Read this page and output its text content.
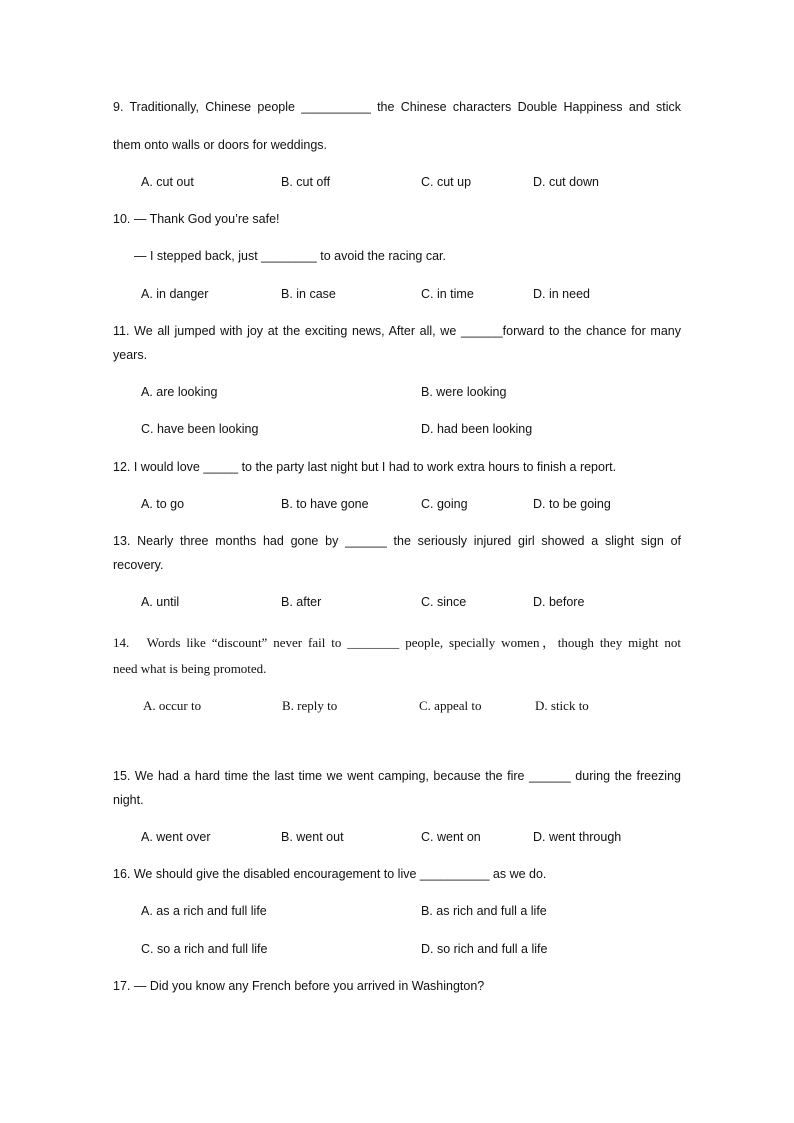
9. Traditionally, Chinese people __________ the Chinese characters Double Happiness and stick
them onto walls or doors for weddings.
A. cut out	B. cut off	C. cut up	D. cut down
10. — Thank God you’re safe!
— I stepped back, just ________ to avoid the racing car.
A. in danger	B. in case	C. in time	D. in need
11. We all jumped with joy at the exciting news, After all, we ______forward to the chance for many
years.
A. are looking	B. were looking
C. have been looking	D. had been looking
12. I would love _____ to the party last night but I had to work extra hours to finish a report.
A. to go	B. to have gone	C. going	D. to be going
13. Nearly three months had gone by ______ the seriously injured girl showed a slight sign of
recovery.
A. until	B. after	C. since	D. before
14.   Words like “discount” never fail to ________ people, specially women，though they might not
need what is being promoted.
A. occur to	B. reply to	C. appeal to	D. stick to
15. We had a hard time the last time we went camping, because the fire ______ during the freezing
night.
A. went over	B. went out	C. went on	D. went through
16. We should give the disabled encouragement to live __________ as we do.
A. as a rich and full life	B. as rich and full a life
C. so a rich and full life	D. so rich and full a life
17. — Did you know any French before you arrived in Washington?
